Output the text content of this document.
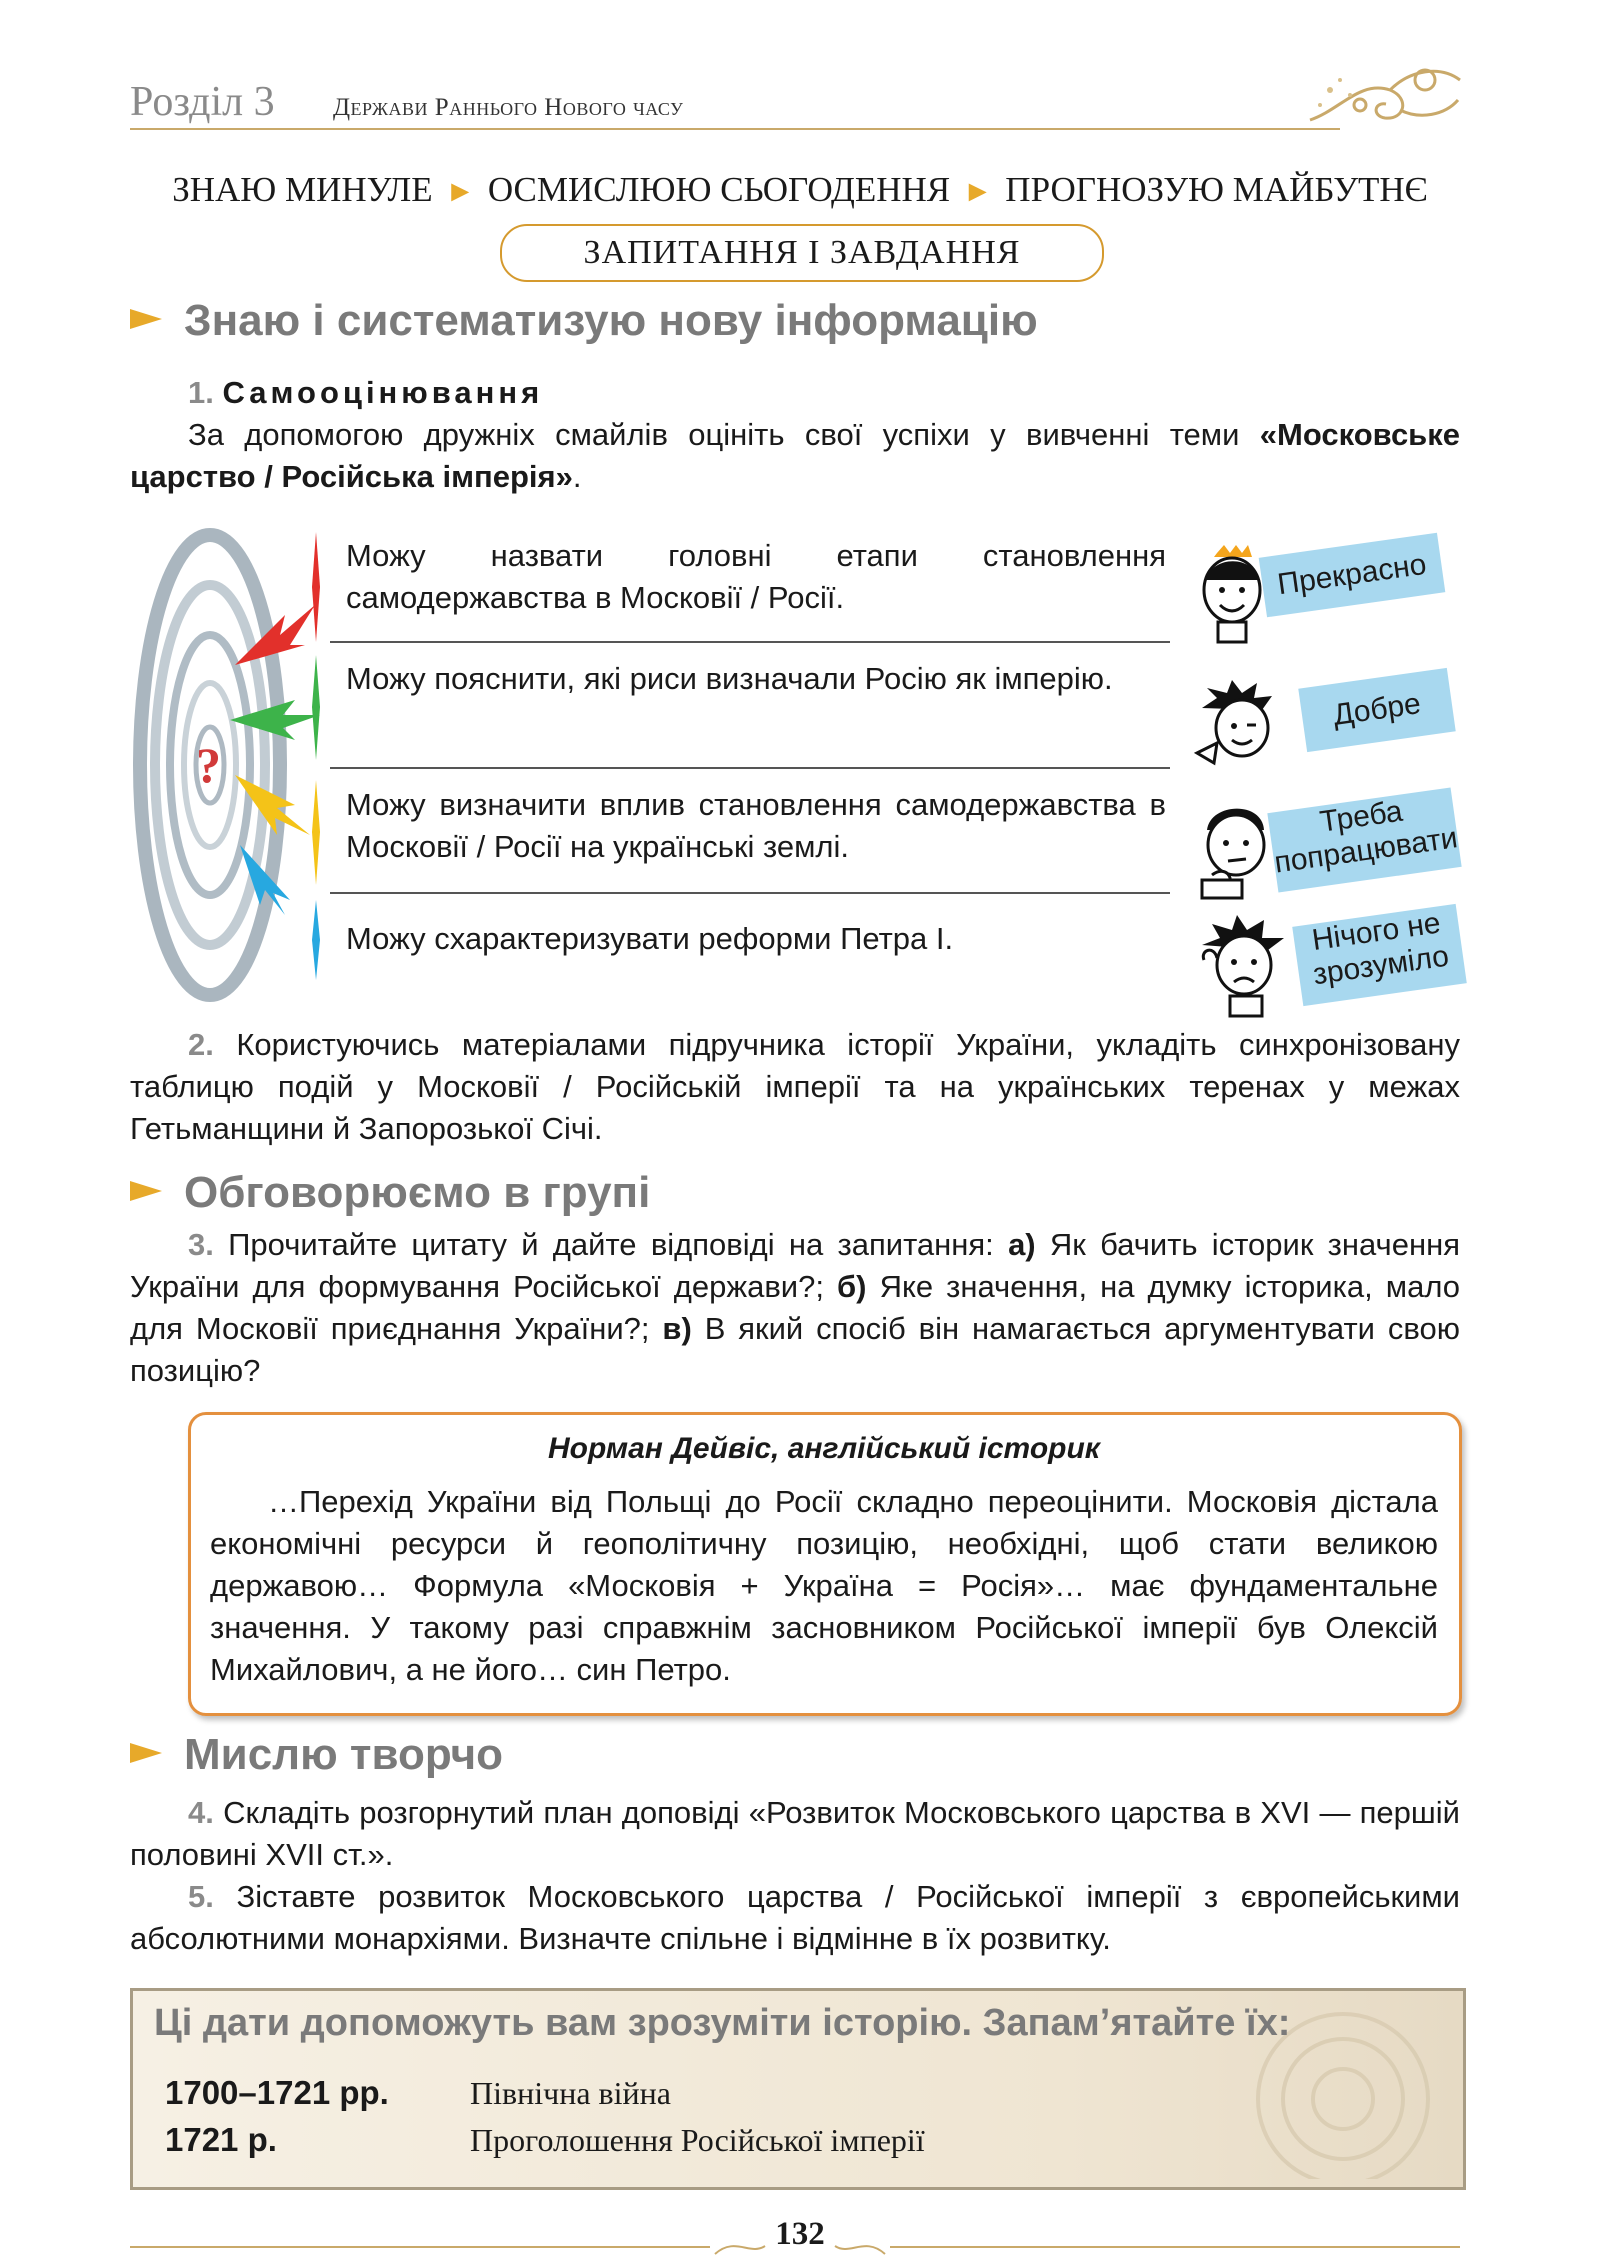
Розділ 3 Держави Раннього Нового часу
ЗНАЮ МИНУЛЕ ► ОСМИСЛЮЮ СЬОГОДЕННЯ ► ПРОГНОЗУЮ МАЙБУТНЄ
ЗАПИТАННЯ І ЗАВДАННЯ
Знаю і систематизую нову інформацію
1. Самооцінювання
За допомогою дружніх смайлів оцініть свої успіхи у вивченні теми «Московське царство / Російська імперія».
?
Можу назвати головні етапи становлення самодержавства в Московії / Росії.
Можу пояснити, які риси визначали Росію як імперію.
Можу визначити вплив становлення самодержавства в Московії / Росії на українські землі.
Можу схарактеризувати реформи Петра І.
Прекрасно
Добре
Треба попрацювати
Нічого не зрозуміло
2. Користуючись матеріалами підручника історії України, укладіть синхронізовану таблицю подій у Московії / Російській імперії та на українських теренах у межах Гетьманщини й Запорозької Січі.
Обговорюємо в групі
3. Прочитайте цитату й дайте відповіді на запитання: а) Як бачить історик значення України для формування Російської держави?; б) Яке значення, на думку історика, мало для Московії приєднання України?; в) В який спосіб він намагається аргументувати свою позицію?
Норман Дейвіс, англійський історик
…Перехід України від Польщі до Росії складно переоцінити. Московія дістала економічні ресурси й геополітичну позицію, необхідні, щоб стати великою державою… Формула «Московія + Україна = Росія»… має фундаментальне значення. У такому разі справжнім засновником Російської імперії був Олексій Михайлович, а не його… син Петро.
Мислю творчо
4. Складіть розгорнутий план доповіді «Розвиток Московського царства в XVI — першій половині XVII ст.».
5. Зіставте розвиток Московського царства / Російської імперії з європейськими абсолютними монархіями. Визначте спільне і відмінне в їх розвитку.
Ці дати допоможуть вам зрозуміти історію. Запам’ятайте їх:
1700–1721 рр.	Північна війна
1721 р.	Проголошення Російської імперії
132
